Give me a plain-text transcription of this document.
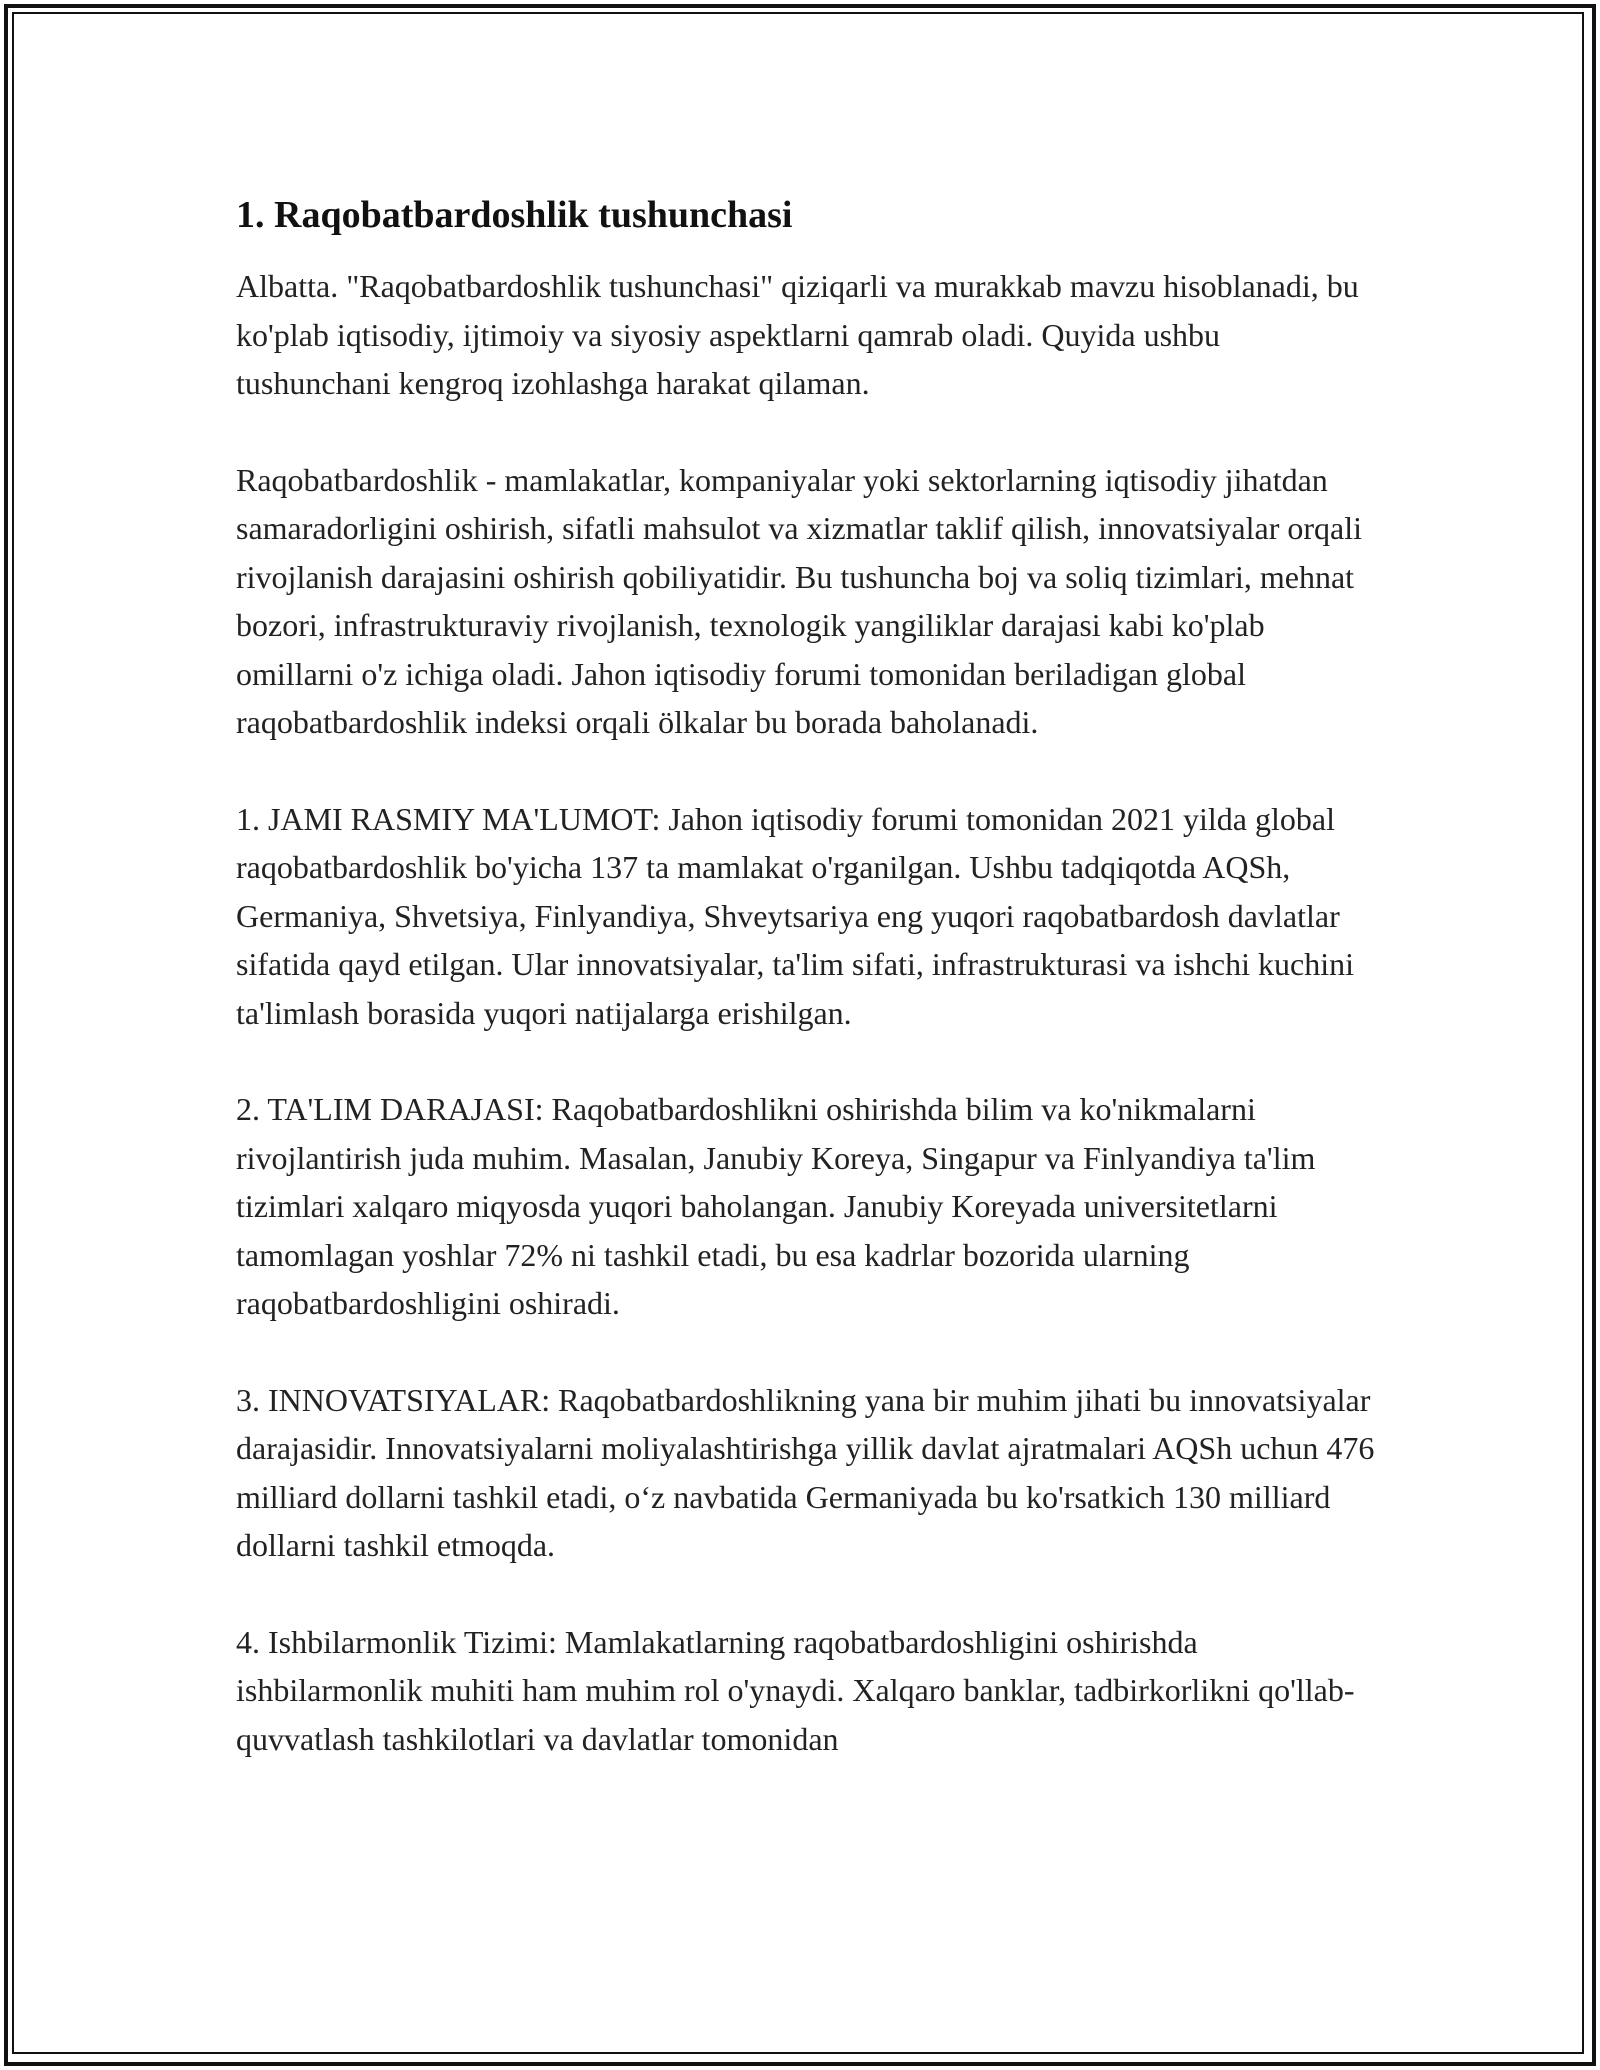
1. Raqobatbardoshlik tushunchasi

Albatta. "Raqobatbardoshlik tushunchasi" qiziqarli va murakkab mavzu hisoblanadi, bu ko'plab iqtisodiy, ijtimoiy va siyosiy aspektlarni qamrab oladi. Quyida ushbu tushunchani kengroq izohlashga harakat qilaman.

Raqobatbardoshlik - mamlakatlar, kompaniyalar yoki sektorlarning iqtisodiy jihatdan samaradorligini oshirish, sifatli mahsulot va xizmatlar taklif qilish, innovatsiyalar orqali rivojlanish darajasini oshirish qobiliyatidir. Bu tushuncha boj va soliq tizimlari, mehnat bozori, infrastrukturaviy rivojlanish, texnologik yangiliklar darajasi kabi ko'plab omillarni o'z ichiga oladi. Jahon iqtisodiy forumi tomonidan beriladigan global raqobatbardoshlik indeksi orqali ölkalar bu borada baholanadi.

1. JAMI RASMIY MA'LUMOT: Jahon iqtisodiy forumi tomonidan 2021 yilda global raqobatbardoshlik bo'yicha 137 ta mamlakat o'rganilgan. Ushbu tadqiqotda AQSh, Germaniya, Shvetsiya, Finlyandiya, Shveytsariya eng yuqori raqobatbardosh davlatlar sifatida qayd etilgan. Ular innovatsiyalar, ta'lim sifati, infrastrukturasi va ishchi kuchini ta'limlash borasida yuqori natijalarga erishilgan.

2. TA'LIM DARAJASI: Raqobatbardoshlikni oshirishda bilim va ko'nikmalarni rivojlantirish juda muhim. Masalan, Janubiy Koreya, Singapur va Finlyandiya ta'lim tizimlari xalqaro miqyosda yuqori baholangan. Janubiy Koreyada universitetlarni tamomlagan yoshlar 72% ni tashkil etadi, bu esa kadrlar bozorida ularning raqobatbardoshligini oshiradi.

3. INNOVATSIYALAR: Raqobatbardoshlikning yana bir muhim jihati bu innovatsiyalar darajasidir. Innovatsiyalarni moliyalashtirishga yillik davlat ajratmalari AQSh uchun 476 milliard dollarni tashkil etadi, o‘z navbatida Germaniyada bu ko'rsatkich 130 milliard dollarni tashkil etmoqda.

4. Ishbilarmonlik Tizimi: Mamlakatlarning raqobatbardoshligini oshirishda ishbilarmonlik muhiti ham muhim rol o'ynaydi. Xalqaro banklar, tadbirkorlikni qo'llab-quvvatlash tashkilotlari va davlatlar tomonidan
